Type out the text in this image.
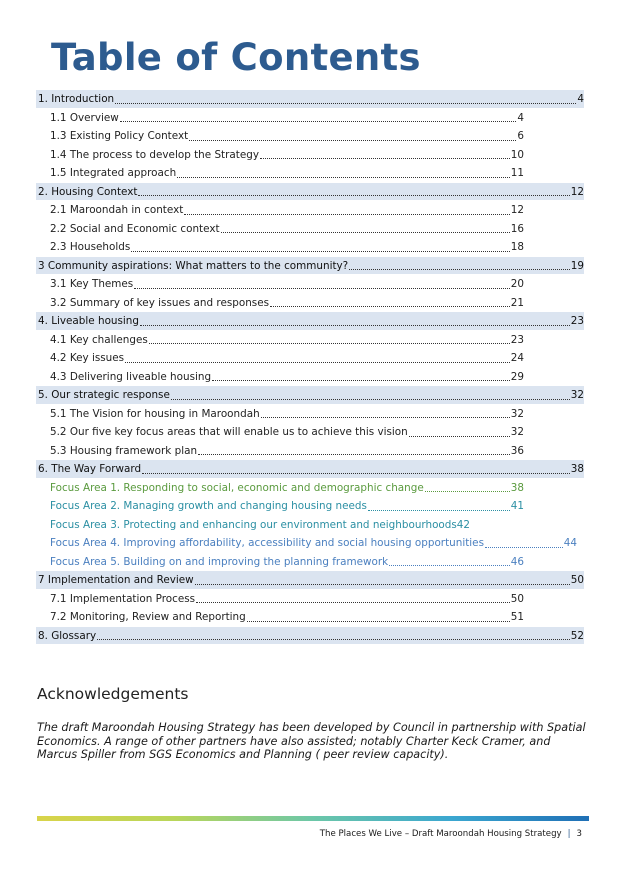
Table of Contents
1. Introduction	4
1.1 Overview	4
1.3 Existing Policy Context	6
1.4 The process to develop the Strategy	10
1.5 Integrated approach	11
2. Housing Context	12
2.1 Maroondah in context	12
2.2 Social and Economic context	16
2.3 Households	18
3 Community aspirations: What matters to the community?	19
3.1 Key Themes	20
3.2 Summary of key issues and responses	21
4. Liveable housing	23
4.1 Key challenges	23
4.2 Key issues	24
4.3 Delivering liveable housing	29
5. Our strategic response	32
5.1 The Vision for housing in Maroondah	32
5.2 Our five key focus areas that will enable us to achieve this vision	32
5.3 Housing framework plan	36
6. The Way Forward	38
Focus Area 1. Responding to social, economic and demographic change	38
Focus Area 2. Managing growth and changing housing needs	41
Focus Area 3. Protecting and enhancing our environment and neighbourhoods 42
Focus Area 4. Improving affordability, accessibility and social housing opportunities	44
Focus Area 5. Building on and improving the planning framework	46
7 Implementation and Review	50
7.1 Implementation Process	50
7.2 Monitoring, Review and Reporting	51
8. Glossary	52
Acknowledgements
The draft Maroondah Housing Strategy has been developed by Council in partnership with Spatial Economics. A range of other partners have also assisted; notably Charter Keck Cramer, and Marcus Spiller from SGS Economics and Planning ( peer review capacity).
The Places We Live – Draft Maroondah Housing Strategy | 3
